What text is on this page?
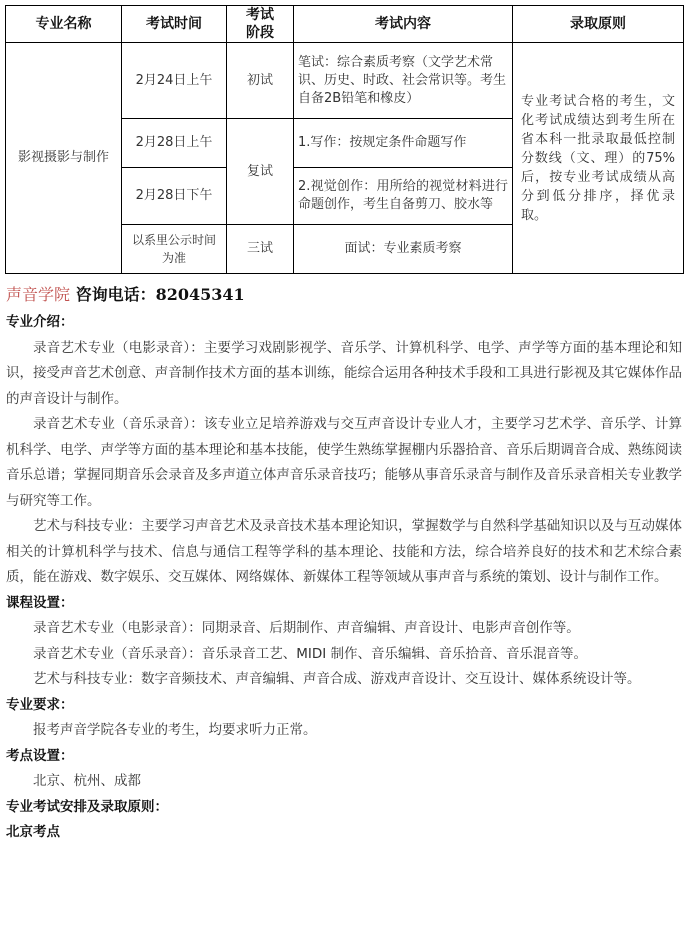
专业名称	考试时间	考试阶段	考试内容	录取原则
影视摄影与制作	2月24日上午	初试	笔试：综合素质考察（文学艺术常识、历史、时政、社会常识等。考生自备2B铅笔和橡皮）	专业考试合格的考生，文化考试成绩达到考生所在省本科一批录取最低控制分数线（文、理）的75%后，按专业考试成绩从高分到低分排序，择优录取。
	2月28日上午	复试	1.写作：按规定条件命题写作	
	2月28日下午		2.视觉创作：用所给的视觉材料进行命题创作，考生自备剪刀、胶水等	
	以系里公示时间为准	三试	面试：专业素质考察	
声音学院 咨询电话：82045341
专业介绍：

录音艺术专业（电影录音）：主要学习戏剧影视学、音乐学、计算机科学、电学、声学等方面的基本理论和知识，接受声音艺术创意、声音制作技术方面的基本训练，能综合运用各种技术手段和工具进行影视及其它媒体作品的声音设计与制作。

录音艺术专业（音乐录音）：该专业立足培养游戏与交互声音设计专业人才，主要学习艺术学、音乐学、计算机科学、电学、声学等方面的基本理论和基本技能，使学生熟练掌握棚内乐器拾音、音乐后期调音合成、熟练阅读音乐总谱；掌握同期音乐会录音及多声道立体声音乐录音技巧；能够从事音乐录音与制作及音乐录音相关专业教学与研究等工作。

艺术与科技专业：主要学习声音艺术及录音技术基本理论知识，掌握数学与自然科学基础知识以及与互动媒体相关的计算机科学与技术、信息与通信工程等学科的基本理论、技能和方法，综合培养良好的技术和艺术综合素质，能在游戏、数字娱乐、交互媒体、网络媒体、新媒体工程等领域从事声音与系统的策划、设计与制作工作。

课程设置：

录音艺术专业（电影录音）：同期录音、后期制作、声音编辑、声音设计、电影声音创作等。

录音艺术专业（音乐录音）：音乐录音工艺、MIDI 制作、音乐编辑、音乐拾音、音乐混音等。

艺术与科技专业：数字音频技术、声音编辑、声音合成、游戏声音设计、交互设计、媒体系统设计等。

专业要求：

报考声音学院各专业的考生，均要求听力正常。

考点设置：

北京、杭州、成都

专业考试安排及录取原则：
北京考点
